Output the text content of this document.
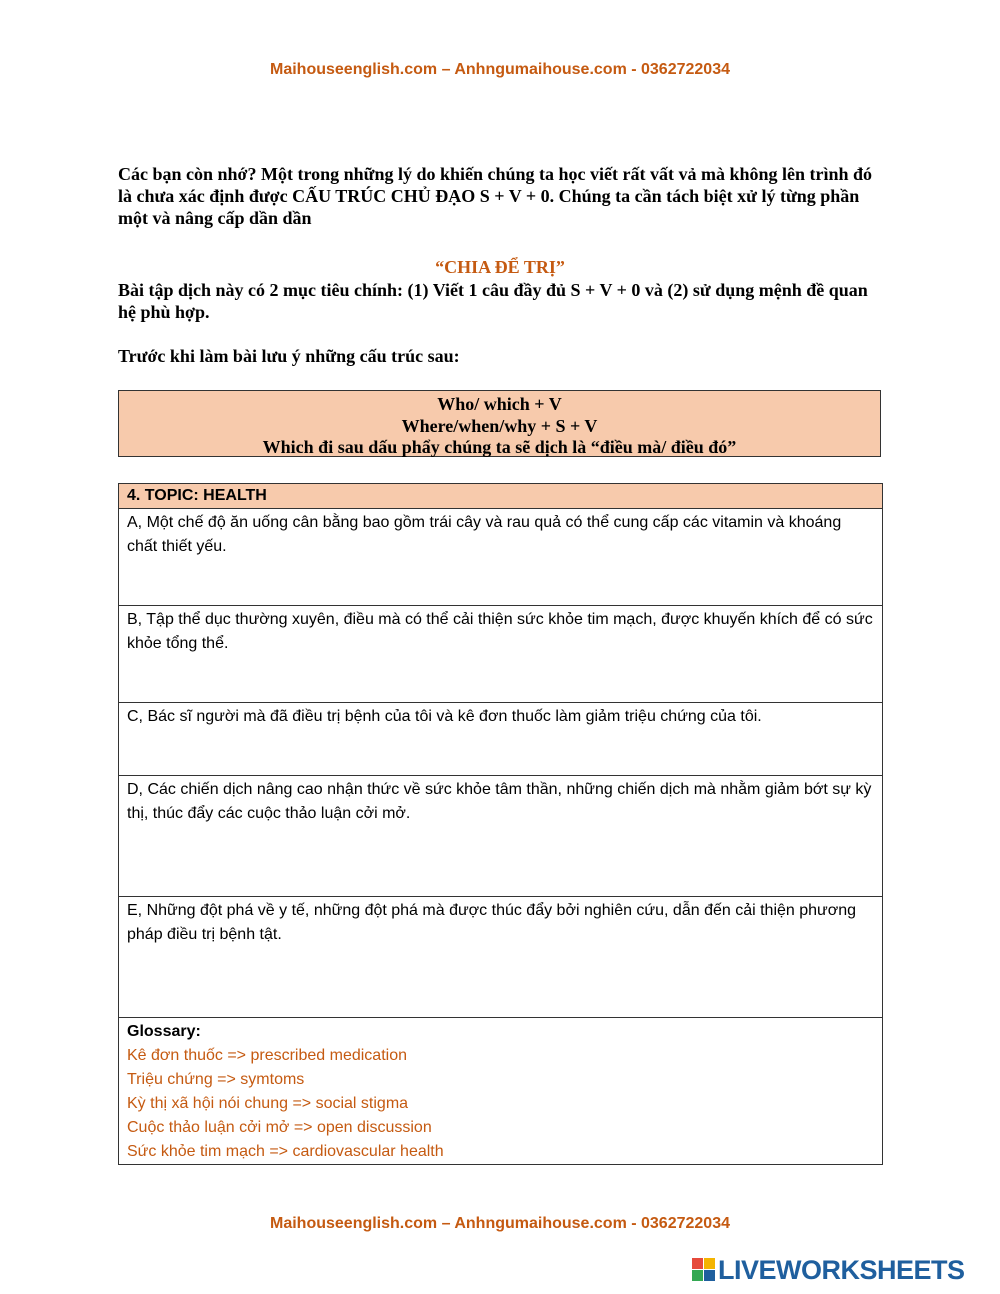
Maihouseenglish.com – Anhngumaihouse.com - 0362722034

Các bạn còn nhớ? Một trong những lý do khiến chúng ta học viết rất vất vả mà không lên trình đó là chưa xác định được CẤU TRÚC CHỦ ĐẠO S + V + 0. Chúng ta cần tách biệt xử lý từng phần một và nâng cấp dần dần

“CHIA ĐỂ TRỊ”

Bài tập dịch này có 2 mục tiêu chính: (1) Viết 1 câu đầy đủ S + V + 0 và (2) sử dụng mệnh đề quan hệ phù hợp.

Trước khi làm bài lưu ý những cấu trúc sau:
Who/ which + V
Where/when/why + S + V
Which đi sau dấu phẩy chúng ta sẽ dịch là “điều mà/ điều đó”
4. TOPIC: HEALTH
A, Một chế độ ăn uống cân bằng bao gồm trái cây và rau quả có thể cung cấp các vitamin và khoáng chất thiết yếu.
B, Tập thể dục thường xuyên, điều mà có thể cải thiện sức khỏe tim mạch, được khuyến khích để có sức khỏe tổng thể.
C, Bác sĩ người mà đã điều trị bệnh của tôi và kê đơn thuốc làm giảm triệu chứng của tôi.
D, Các chiến dịch nâng cao nhận thức về sức khỏe tâm thần, những chiến dịch mà nhằm giảm bớt sự kỳ thị, thúc đẩy các cuộc thảo luận cởi mở.
E, Những đột phá về y tế, những đột phá mà được thúc đẩy bởi nghiên cứu, dẫn đến cải thiện phương pháp điều trị bệnh tật.

Glossary:
Kê đơn thuốc => prescribed medication
Triệu chứng => symtoms
Kỳ thị xã hội nói chung => social stigma
Cuộc thảo luận cởi mở => open discussion
Sức khỏe tim mạch => cardiovascular health
Maihouseenglish.com – Anhngumaihouse.com - 0362722034
LIVEWORKSHEETS
